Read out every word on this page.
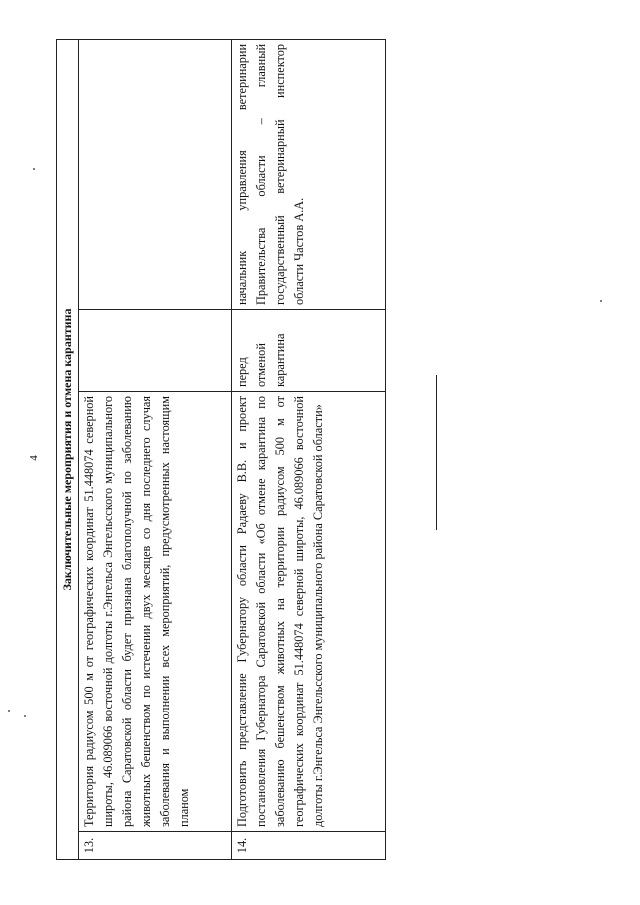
4 Заключительные мероприятия и отмена карантина			
13.	Территория радиусом 500 м от географических координат 51.448074 северной широты, 46.089066 восточной долготы г.Энгельса Энгельсского муниципального района Саратовской области будет признана благополучной по заболеванию животных бешенством по истечении двух месяцев со дня последнего случая заболевания и выполнении всех мероприятий, предусмотренных настоящим планом		
14.	Подготовить представление Губернатору области Радаеву В.В. и проект постановления Губернатора Саратовской области «Об отмене карантина по заболеванию бешенством животных на территории радиусом 500 м от географических координат 51.448074 северной широты, 46.089066 восточной долготы г.Энгельса Энгельсского муниципального района Саратовской области»	перед отменой карантина	начальник управления ветеринарии Правительства области – главный государственный ветеринарный инспектор области Частов А.А.
